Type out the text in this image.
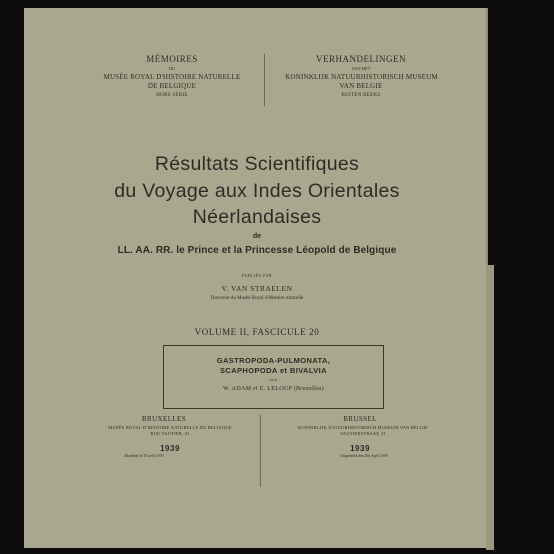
MÉMOIRES
DU
MUSÉE ROYAL D'HISTOIRE NATURELLE
DE BELGIQUE
HORS SÉRIE
VERHANDELINGEN
VAN HET
KONINKLIJK NATUURHISTORISCH MUSEUM
VAN BELGIE
BUITEN REEKS
Résultats Scientifiques
du Voyage aux Indes Orientales
Néerlandaises
de
LL. AA. RR. le Prince et la Princesse Léopold de Belgique
PUBLIÉS PAR
V. VAN STRAELEN
Directeur du Musée Royal d'Histoire naturelle
VOLUME II, FASCICULE 20
GASTROPODA-PULMONATA,
SCAPHOPODA et BIVALVIA
PAR
W. ADAM et E. LELOUP (Bruxelles)
BRUXELLES
MUSÉE ROYAL D'HISTOIRE NATURELLE DE BELGIQUE
RUE VAUTIER, 31
1939
Distribué le 30 avril 1939
BRUSSEL
KONINKLIJK NATUURHISTORISCH MUSEUM VAN BELGIE
VAUTIERSTRAAT, 31
1939
Uitgedeeld den 30n April 1939
